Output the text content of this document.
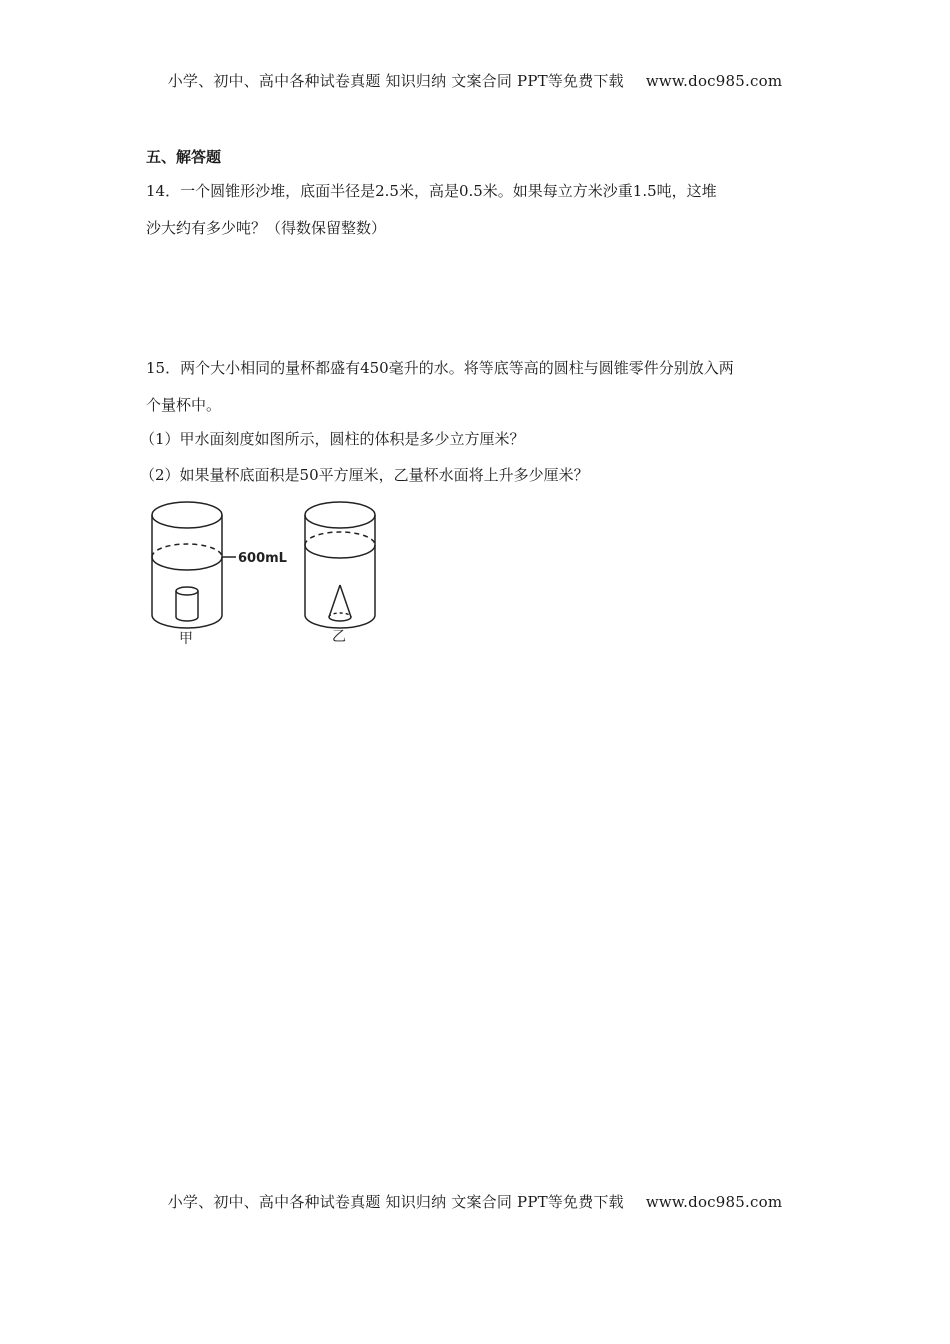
小学、初中、高中各种试卷真题 知识归纳 文案合同 PPT等免费下载 www.doc985.com
五、解答题
14．一个圆锥形沙堆，底面半径是2.5米，高是0.5米。如果每立方米沙重1.5吨，这堆
沙大约有多少吨？（得数保留整数）
15．两个大小相同的量杯都盛有450毫升的水。将等底等高的圆柱与圆锥零件分别放入两
个量杯中。
（1）甲水面刻度如图所示，圆柱的体积是多少立方厘米？
（2）如果量杯底面积是50平方厘米，乙量杯水面将上升多少厘米？
600mL
甲	乙
小学、初中、高中各种试卷真题 知识归纳 文案合同 PPT等免费下载 www.doc985.com
